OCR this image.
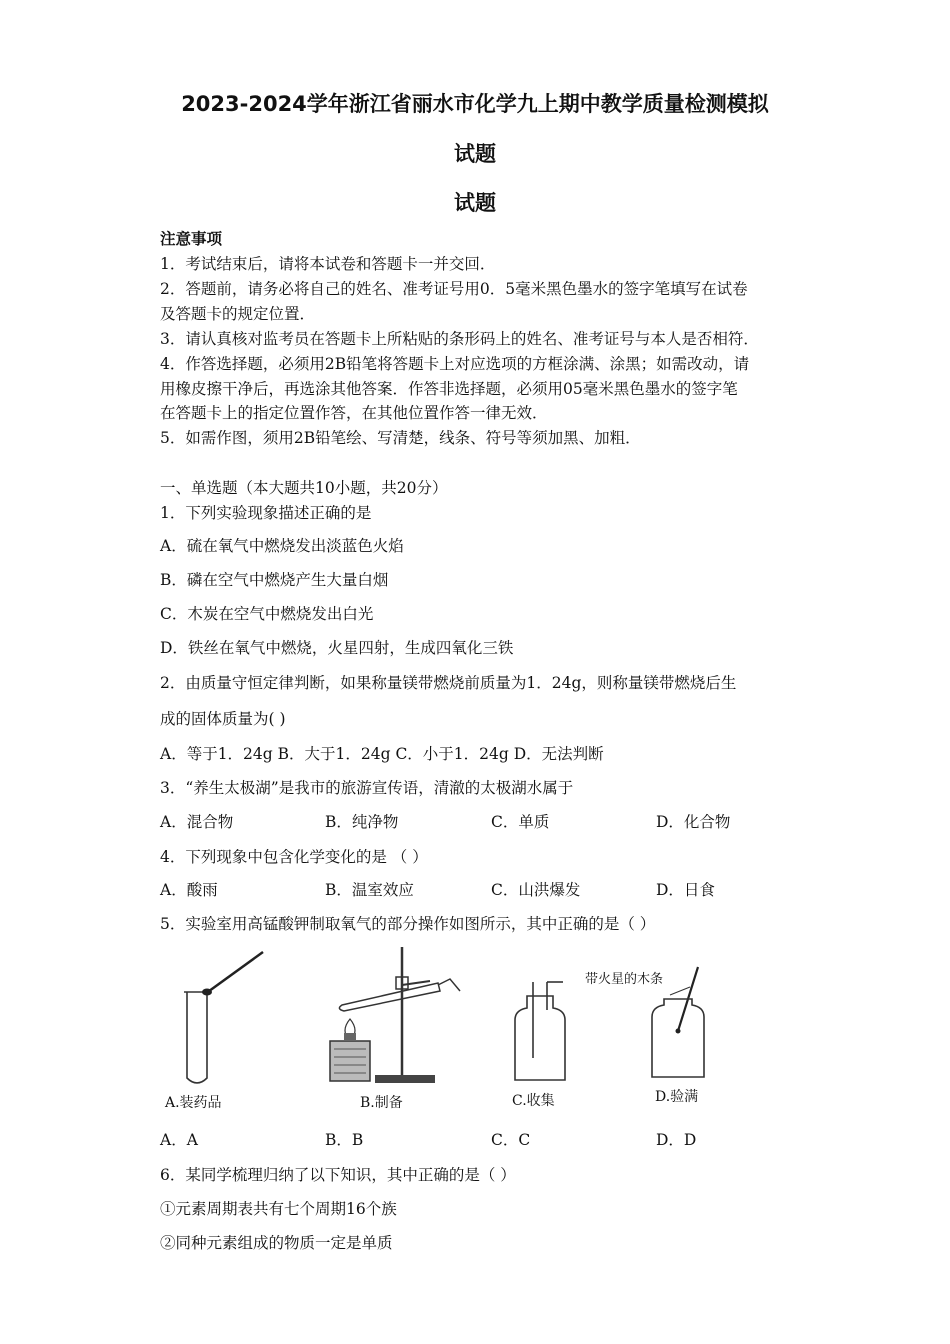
2023-2024学年浙江省丽水市化学九上期中教学质量检测模拟
试题
试题
注意事项
1．考试结束后，请将本试卷和答题卡一并交回．
2．答题前，请务必将自己的姓名、准考证号用0．5毫米黑色墨水的签字笔填写在试卷
及答题卡的规定位置．
3．请认真核对监考员在答题卡上所粘贴的条形码上的姓名、准考证号与本人是否相符．
4．作答选择题，必须用2B铅笔将答题卡上对应选项的方框涂满、涂黑；如需改动，请
用橡皮擦干净后，再选涂其他答案．作答非选择题，必须用05毫米黑色墨水的签字笔
在答题卡上的指定位置作答，在其他位置作答一律无效．
5．如需作图，须用2B铅笔绘、写清楚，线条、符号等须加黑、加粗．
一、单选题（本大题共10小题，共20分）
1．下列实验现象描述正确的是
A．硫在氧气中燃烧发出淡蓝色火焰
B．磷在空气中燃烧产生大量白烟
C．木炭在空气中燃烧发出白光
D．铁丝在氧气中燃烧，火星四射，生成四氧化三铁
2．由质量守恒定律判断，如果称量镁带燃烧前质量为1．24g，则称量镁带燃烧后生
成的固体质量为( )
A．等于1．24g B．大于1．24g C．小于1．24g D．无法判断
3．“养生太极湖”是我市的旅游宣传语，清澈的太极湖水属于
A．混合物	B．纯净物	C．单质	D．化合物
4．下列现象中包含化学变化的是 （ ）
A．酸雨	B．温室效应	C．山洪爆发	D．日食
5．实验室用高锰酸钾制取氧气的部分操作如图所示，其中正确的是（ ）
A.装药品	B.制备	C.收集
带火星的木条
D.验满
A．A	B．B	C．C	D．D
6．某同学梳理归纳了以下知识，其中正确的是（ ）
①元素周期表共有七个周期16个族
②同种元素组成的物质一定是单质
